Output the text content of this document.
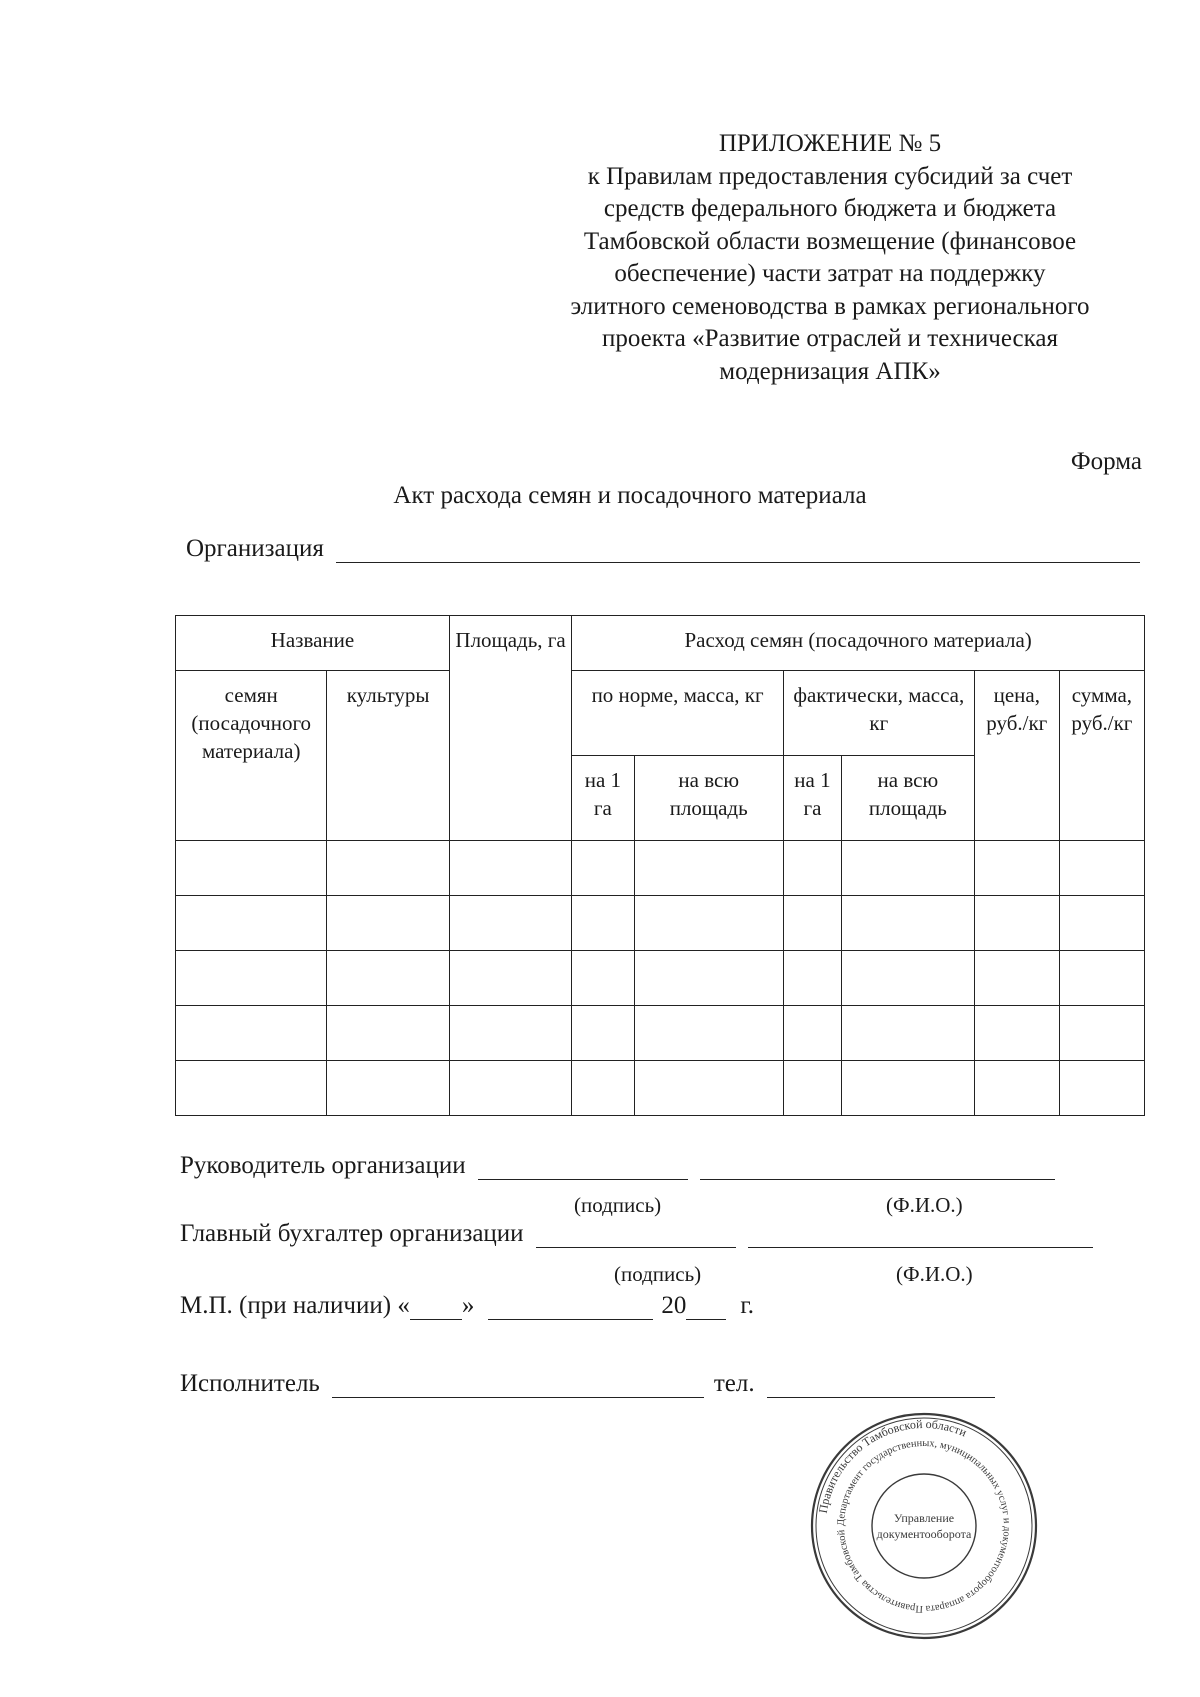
ПРИЛОЖЕНИЕ № 5
к Правилам предоставления субсидий за счет
средств федерального бюджета и бюджета
Тамбовской области возмещение (финансовое
обеспечение) части затрат на поддержку
элитного семеноводства в рамках регионального
проекта «Развитие отраслей и техническая
модернизация АПК»
Форма
Акт расхода семян и посадочного материала
Организация
Название		Площадь, га	Расход семян (посадочного материала)					
семян (посадочного материала)	культуры		по норме, масса, кг		фактически, масса, кг		цена, руб./кг	сумма, руб./кг
			на 1 га	на всю площадь	на 1 га	на всю площадь		

Руководитель организации
(подпись)	(Ф.И.О.)
Главный бухгалтер организации
(подпись)	(Ф.И.О.)
М.П. (при наличии) « »	20 г.
Исполнитель	тел.
Правительство Тамбовской области
Департамент государственных, муниципальных услуг и документооборота аппарата Правительства Тамбовской
Управление
документооборота
